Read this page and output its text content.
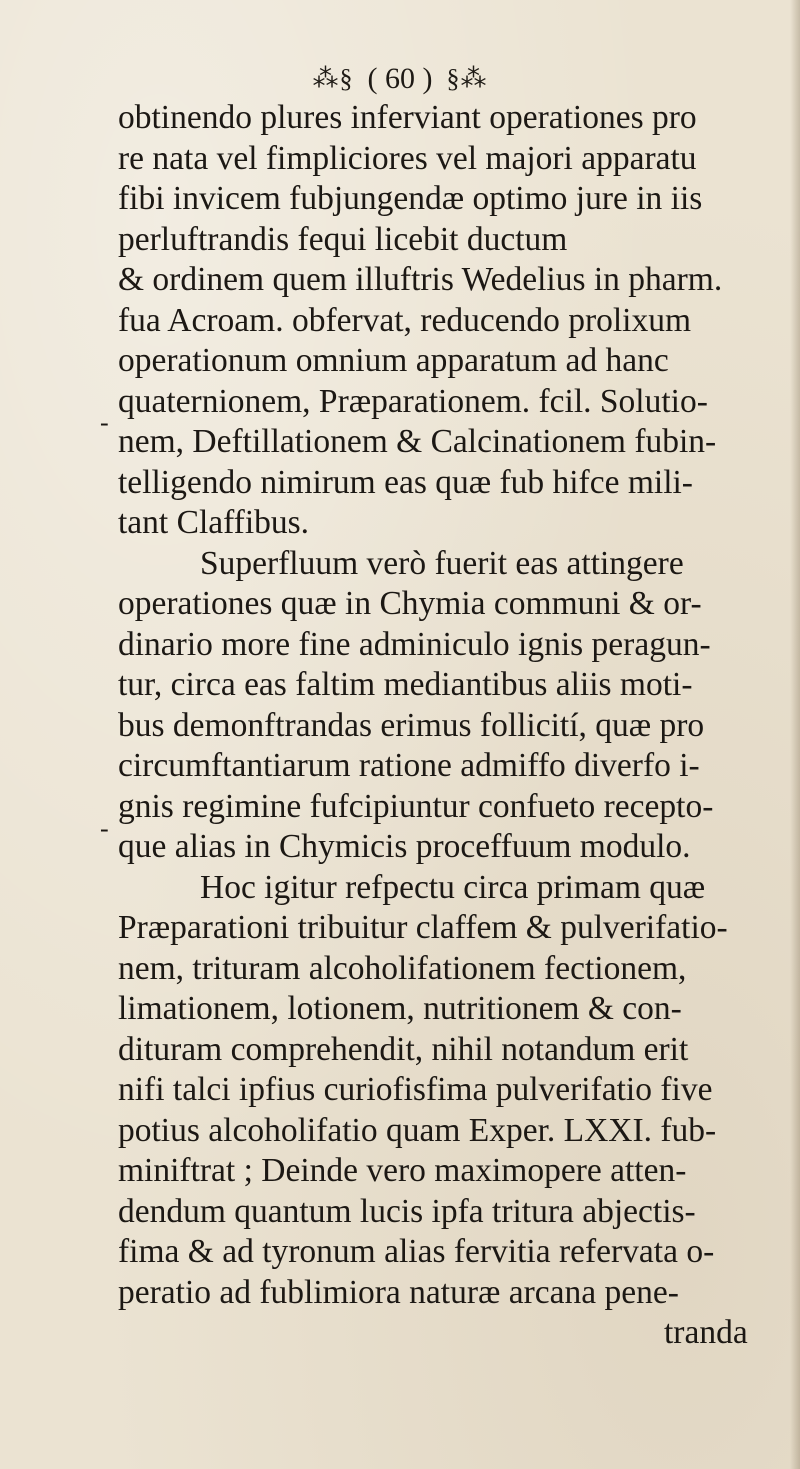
⁂§ ( 60 ) §⁂
-
-
obtinendo plures inferviant operationes pro
re nata vel fimpliciores vel majori apparatu
fibi invicem fubjungendæ optimo jure in iis
perluftrandis fequi licebit ductum
& ordinem quem illuftris Wedelius in pharm.
fua Acroam. obfervat, reducendo prolixum
operationum omnium apparatum ad hanc
quaternionem, Præparationem. fcil. Solutio-
nem, Deftillationem & Calcinationem fubin-
telligendo nimirum eas quæ fub hifce mili-
tant Claffibus.
Superfluum verò fuerit eas attingere
operationes quæ in Chymia communi & or-
dinario more fine adminiculo ignis peragun-
tur, circa eas faltim mediantibus aliis moti-
bus demonftrandas erimus follicití, quæ pro
circumftantiarum ratione admiffo diverfo i-
gnis regimine fufcipiuntur confueto recepto-
que alias in Chymicis proceffuum modulo.
Hoc igitur refpectu circa primam quæ
Præparationi tribuitur claffem & pulverifatio-
nem, trituram alcoholifationem fectionem,
limationem, lotionem, nutritionem & con-
dituram comprehendit, nihil notandum erit
nifi talci ipfius curiofisfima pulverifatio five
potius alcoholifatio quam Exper. LXXI. fub-
miniftrat ; Deinde vero maximopere atten-
dendum quantum lucis ipfa tritura abjectis-
fima & ad tyronum alias fervitia refervata o-
peratio ad fublimiora naturæ arcana pene-
tranda
